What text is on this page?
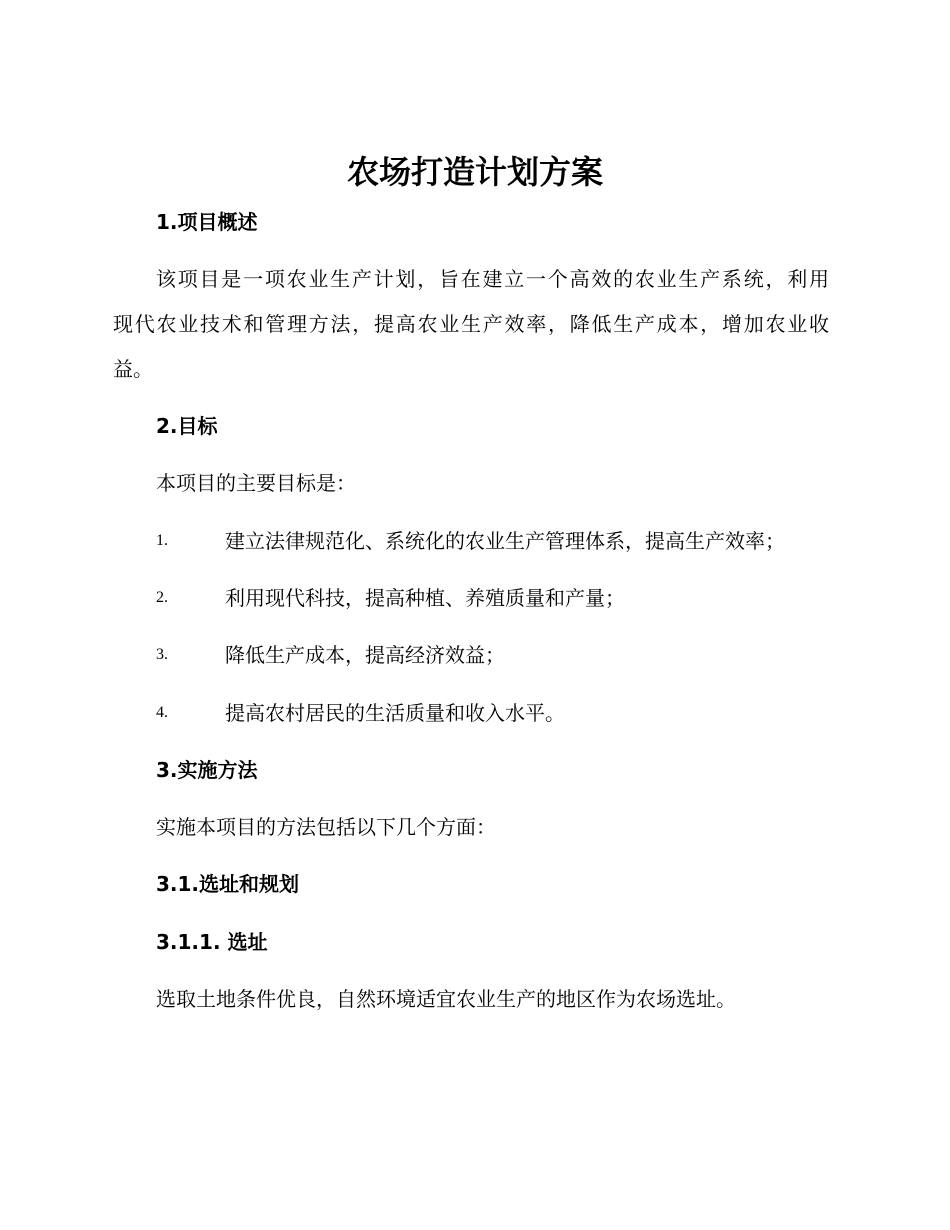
农场打造计划方案
1.项目概述
该项目是一项农业生产计划，旨在建立一个高效的农业生产系统，利用
现代农业技术和管理方法，提高农业生产效率，降低生产成本，增加农业收
益。
2.目标
本项目的主要目标是：
1.	建立法律规范化、系统化的农业生产管理体系，提高生产效率；
2.	利用现代科技，提高种植、养殖质量和产量；
3.	降低生产成本，提高经济效益；
4.	提高农村居民的生活质量和收入水平。
3.实施方法
实施本项目的方法包括以下几个方面：
3.1.选址和规划
3.1.1. 选址
选取土地条件优良，自然环境适宜农业生产的地区作为农场选址。
